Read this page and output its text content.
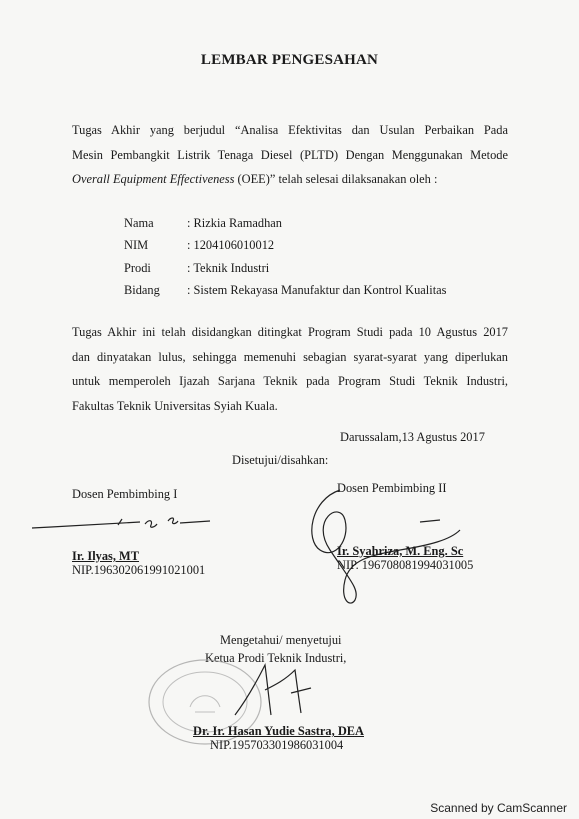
LEMBAR PENGESAHAN
Tugas Akhir yang berjudul “Analisa Efektivitas dan Usulan Perbaikan Pada
Mesin Pembangkit Listrik Tenaga Diesel (PLTD) Dengan Menggunakan Metode
Overall Equipment Effectiveness (OEE)” telah selesai dilaksanakan oleh :
Nama	: Rizkia Ramadhan
NIM	: 1204106010012
Prodi	: Teknik Industri
Bidang : Sistem Rekayasa Manufaktur dan Kontrol Kualitas
Tugas Akhir ini telah disidangkan ditingkat Program Studi pada 10 Agustus 2017
dan dinyatakan lulus, sehingga memenuhi sebagian syarat-syarat yang diperlukan
untuk memperoleh Ijazah Sarjana Teknik pada Program Studi Teknik Industri,
Fakultas Teknik Universitas Syiah Kuala.
Darussalam,13 Agustus 2017
Disetujui/disahkan:
Dosen Pembimbing I	Dosen Pembimbing II
Ir. Ilyas, MT
NIP.196302061991021001
Ir. Syahrizа, M. Eng. Sc
NIP. 196708081994031005
Mengetahui/ menyetujui
Ketua Prodi Teknik Industri,
Dr. Ir. Hasan Yudie Sastra, DEA
NIP.195703301986031004
Scanned by CamScanner
